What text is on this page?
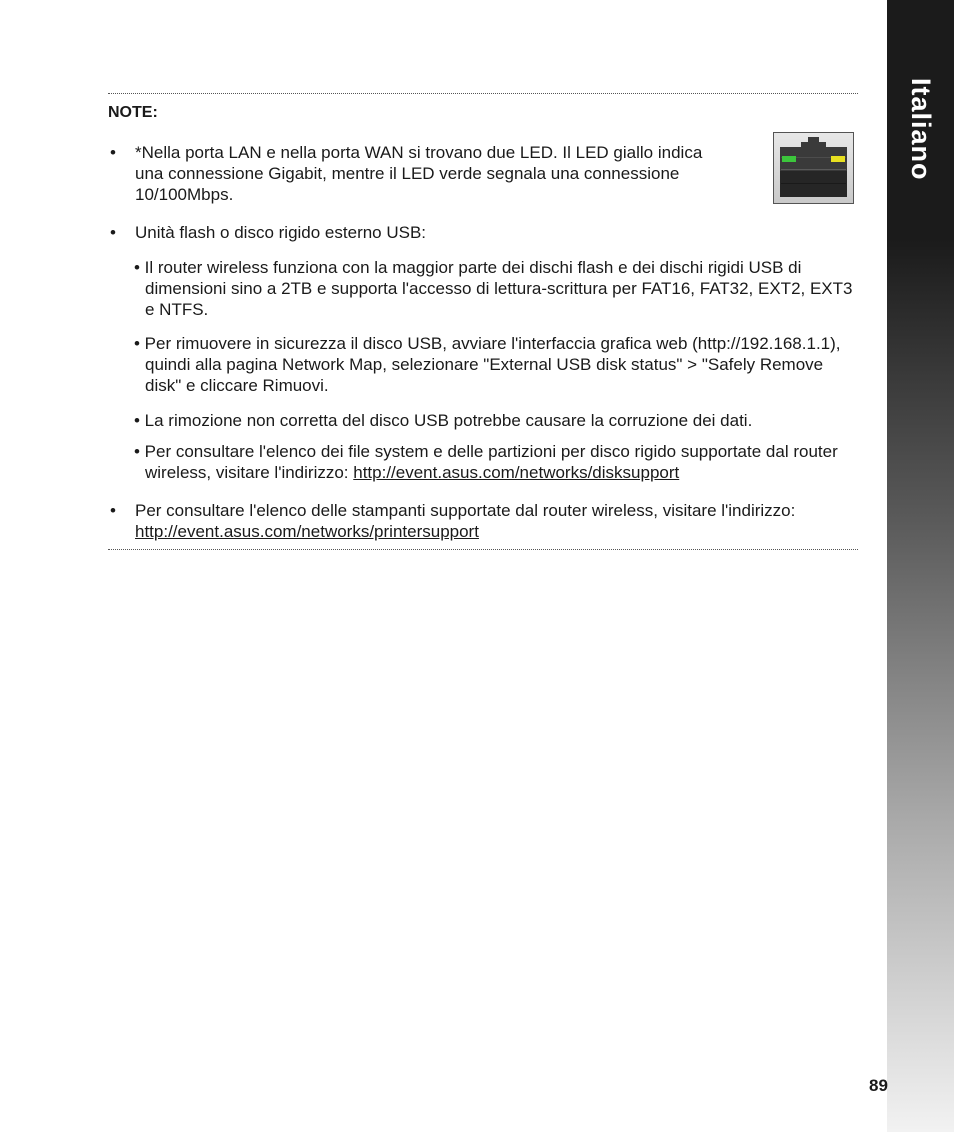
Italiano
NOTE:
• *Nella porta LAN e nella porta WAN si trovano due LED. Il LED giallo indica una connessione Gigabit, mentre il LED verde segnala una connessione 10/100Mbps.

• Unità flash o disco rigido esterno USB:

• Il router wireless funziona con la maggior parte dei dischi flash e dei dischi rigidi USB di dimensioni sino a 2TB e supporta l'accesso di lettura-scrittura per FAT16, FAT32, EXT2, EXT3 e NTFS.

• Per rimuovere in sicurezza il disco USB, avviare l'interfaccia grafica web (http://192.168.1.1), quindi alla pagina Network Map, selezionare "External USB disk status" > "Safely Remove disk" e cliccare Rimuovi.

• La rimozione non corretta del disco USB potrebbe causare la corruzione dei dati.

• Per consultare l'elenco dei file system e delle partizioni per disco rigido supportate dal router wireless, visitare l'indirizzo: http://event.asus.com/networks/disksupport

• Per consultare l'elenco delle stampanti supportate dal router wireless, visitare l'indirizzo: http://event.asus.com/networks/printersupport

89
